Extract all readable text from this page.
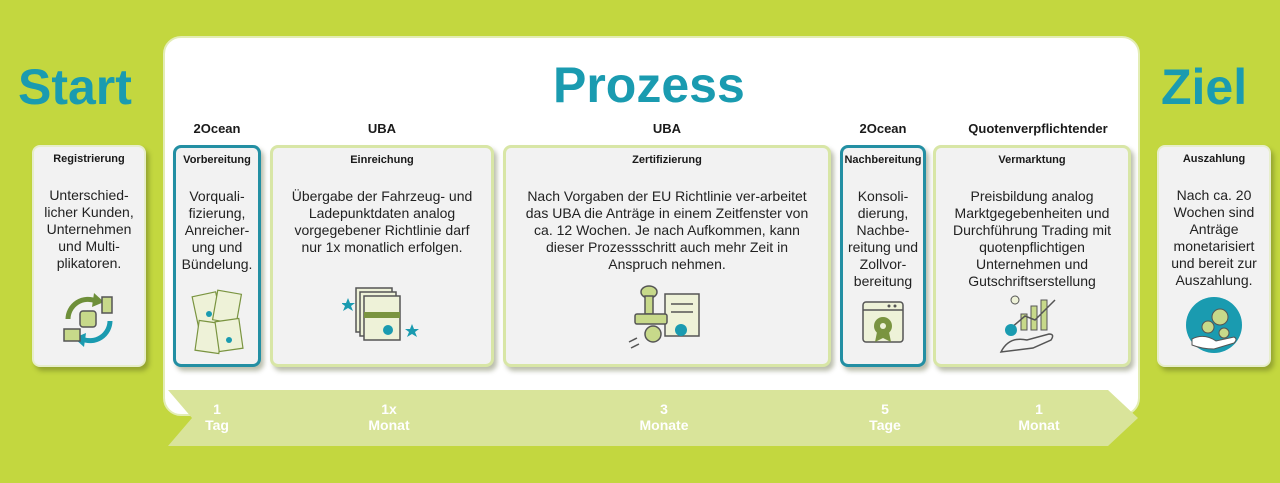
Start	Prozess	Ziel
2Ocean	UBA	UBA	2Ocean	Quotenverpflichtender
Registrierung
Unterschied-licher Kunden, Unternehmen und Multi-plikatoren.
Vorbereitung
Vorquali-fizierung, Anreicher-ung und Bündelung.
Einreichung
Übergabe der Fahrzeug- und Ladepunktdaten analog vorgegebener Richtlinie darf nur 1x monatlich erfolgen.
Zertifizierung
Nach Vorgaben der EU Richtlinie ver-arbeitet das UBA die Anträge in einem Zeitfenster von ca. 12 Wochen. Je nach Aufkommen, kann dieser Prozessschritt auch mehr Zeit in Anspruch nehmen.
Nachbereitung
Konsoli-dierung, Nachbe-reitung und Zollvor-bereitung
Vermarktung
Preisbildung analog Marktgegebenheiten und Durchführung Trading mit quotenpflichtigen Unternehmen und Gutschriftserstellung
Auszahlung
Nach ca. 20 Wochen sind Anträge monetarisiert und bereit zur Auszahlung.
1
Tag
1x
Monat
3
Monate
5
Tage
1
Monat
